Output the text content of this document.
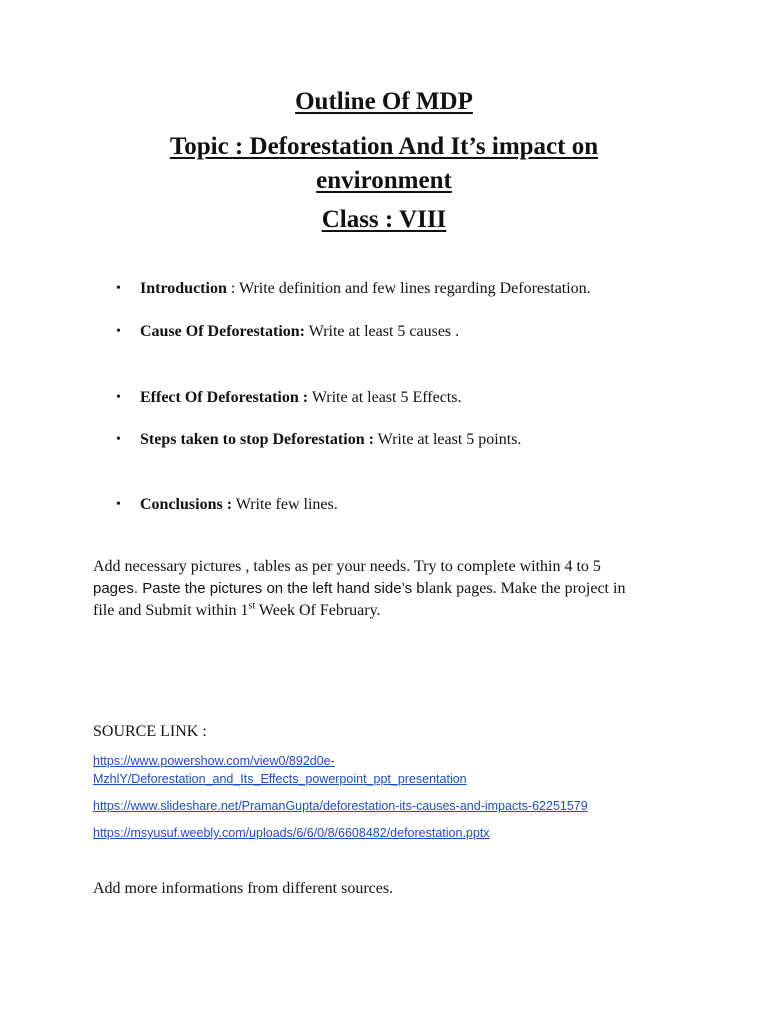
Outline Of MDP
Topic : Deforestation And It’s impact on
environment
Class : VIII
• Introduction : Write definition and few lines regarding Deforestation.
• Cause Of Deforestation: Write at least 5 causes .
• Effect Of Deforestation : Write at least 5 Effects.
• Steps taken to stop Deforestation : Write at least 5 points.
• Conclusions : Write few lines.

Add necessary pictures , tables as per your needs. Try to complete within 4 to 5
pages. Paste the pictures on the left hand side’s blank pages. Make the project in
file and Submit within 1st Week Of February.

SOURCE LINK :

https://www.powershow.com/view0/892d0e-
MzhlY/Deforestation_and_Its_Effects_powerpoint_ppt_presentation
https://www.slideshare.net/PramanGupta/deforestation-its-causes-and-impacts-62251579
https://msyusuf.weebly.com/uploads/6/6/0/8/6608482/deforestation.pptx

Add more informations from different sources.
